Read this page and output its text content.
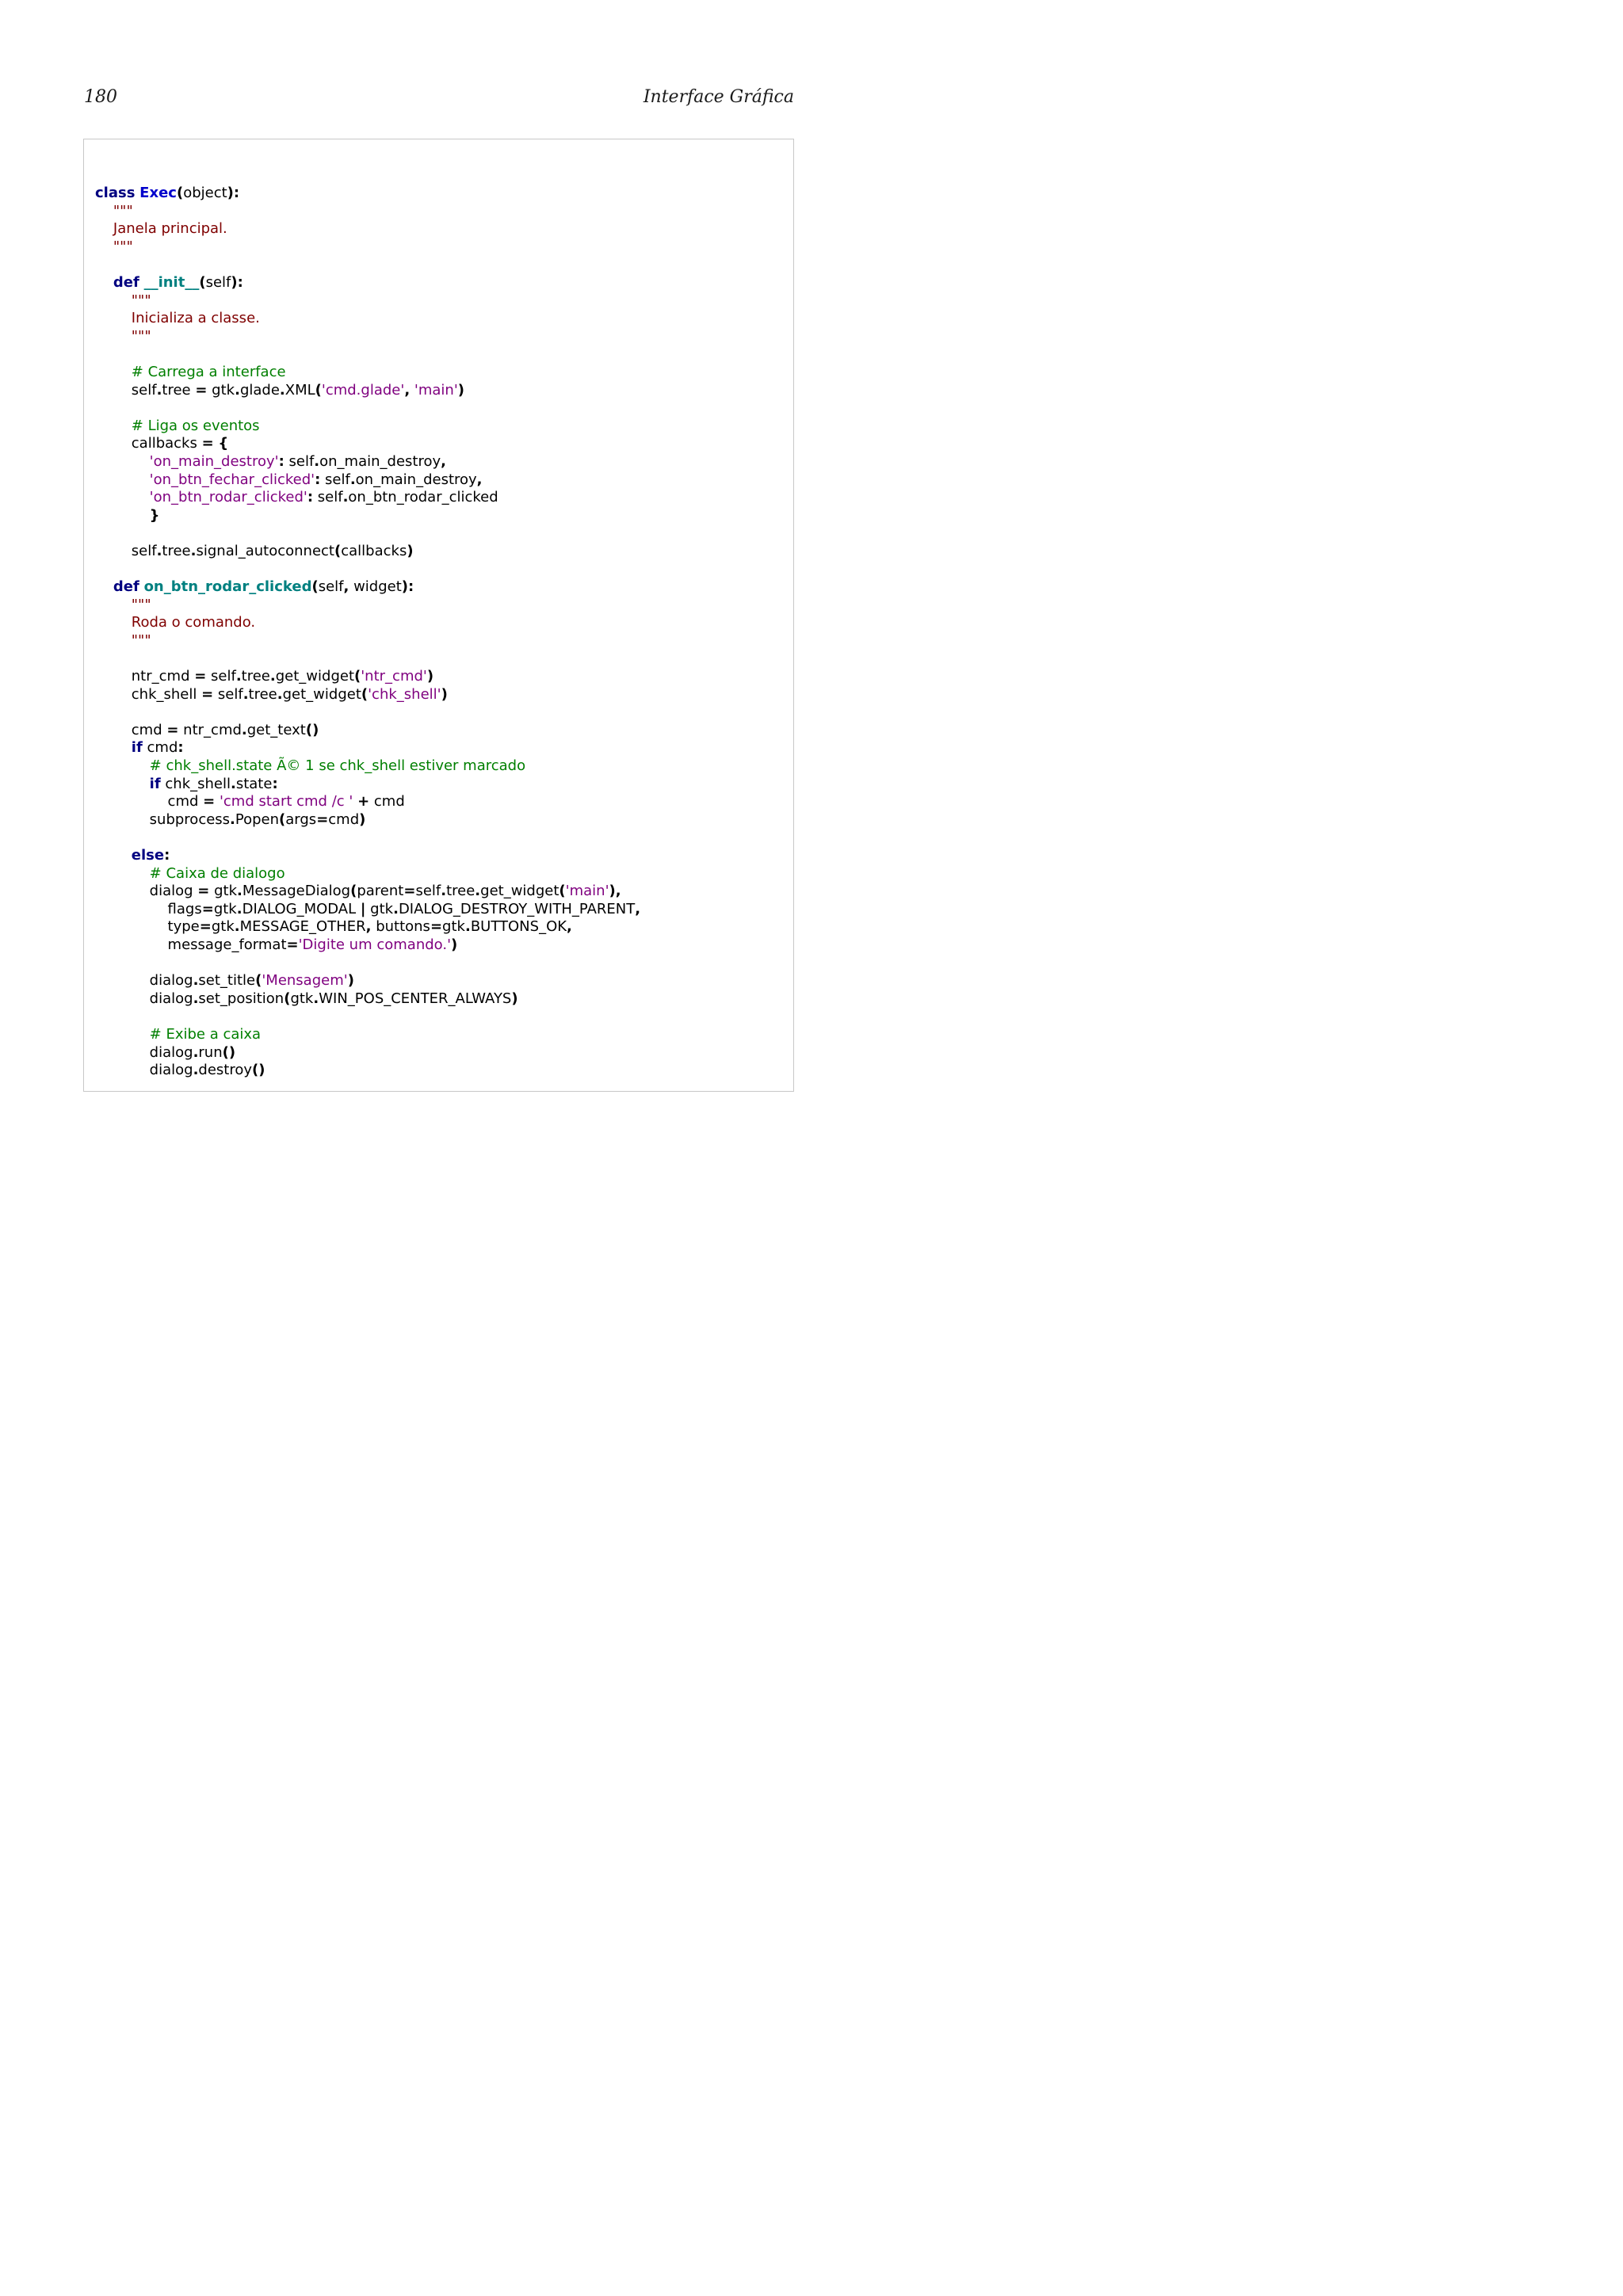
180	Interface Gráfica
class Exec(object):
"""
Janela principal.
"""
def __init__(self):
"""
Inicializa a classe.
"""
# Carrega a interface
self.tree = gtk.glade.XML('cmd.glade', 'main')
# Liga os eventos
callbacks = {
'on_main_destroy': self.on_main_destroy,
'on_btn_fechar_clicked': self.on_main_destroy,
'on_btn_rodar_clicked': self.on_btn_rodar_clicked
}
self.tree.signal_autoconnect(callbacks)
def on_btn_rodar_clicked(self, widget):
"""
Roda o comando.
"""
ntr_cmd = self.tree.get_widget('ntr_cmd')
chk_shell = self.tree.get_widget('chk_shell')
cmd = ntr_cmd.get_text()
if cmd:
# chk_shell.state Ã© 1 se chk_shell estiver marcado
if chk_shell.state:
cmd = 'cmd start cmd /c ' + cmd
subprocess.Popen(args=cmd)
else:
# Caixa de dialogo
dialog = gtk.MessageDialog(parent=self.tree.get_widget('main'),
flags=gtk.DIALOG_MODAL | gtk.DIALOG_DESTROY_WITH_PARENT,
type=gtk.MESSAGE_OTHER, buttons=gtk.BUTTONS_OK,
message_format='Digite um comando.')
dialog.set_title('Mensagem')
dialog.set_position(gtk.WIN_POS_CENTER_ALWAYS)
# Exibe a caixa
dialog.run()
dialog.destroy()
